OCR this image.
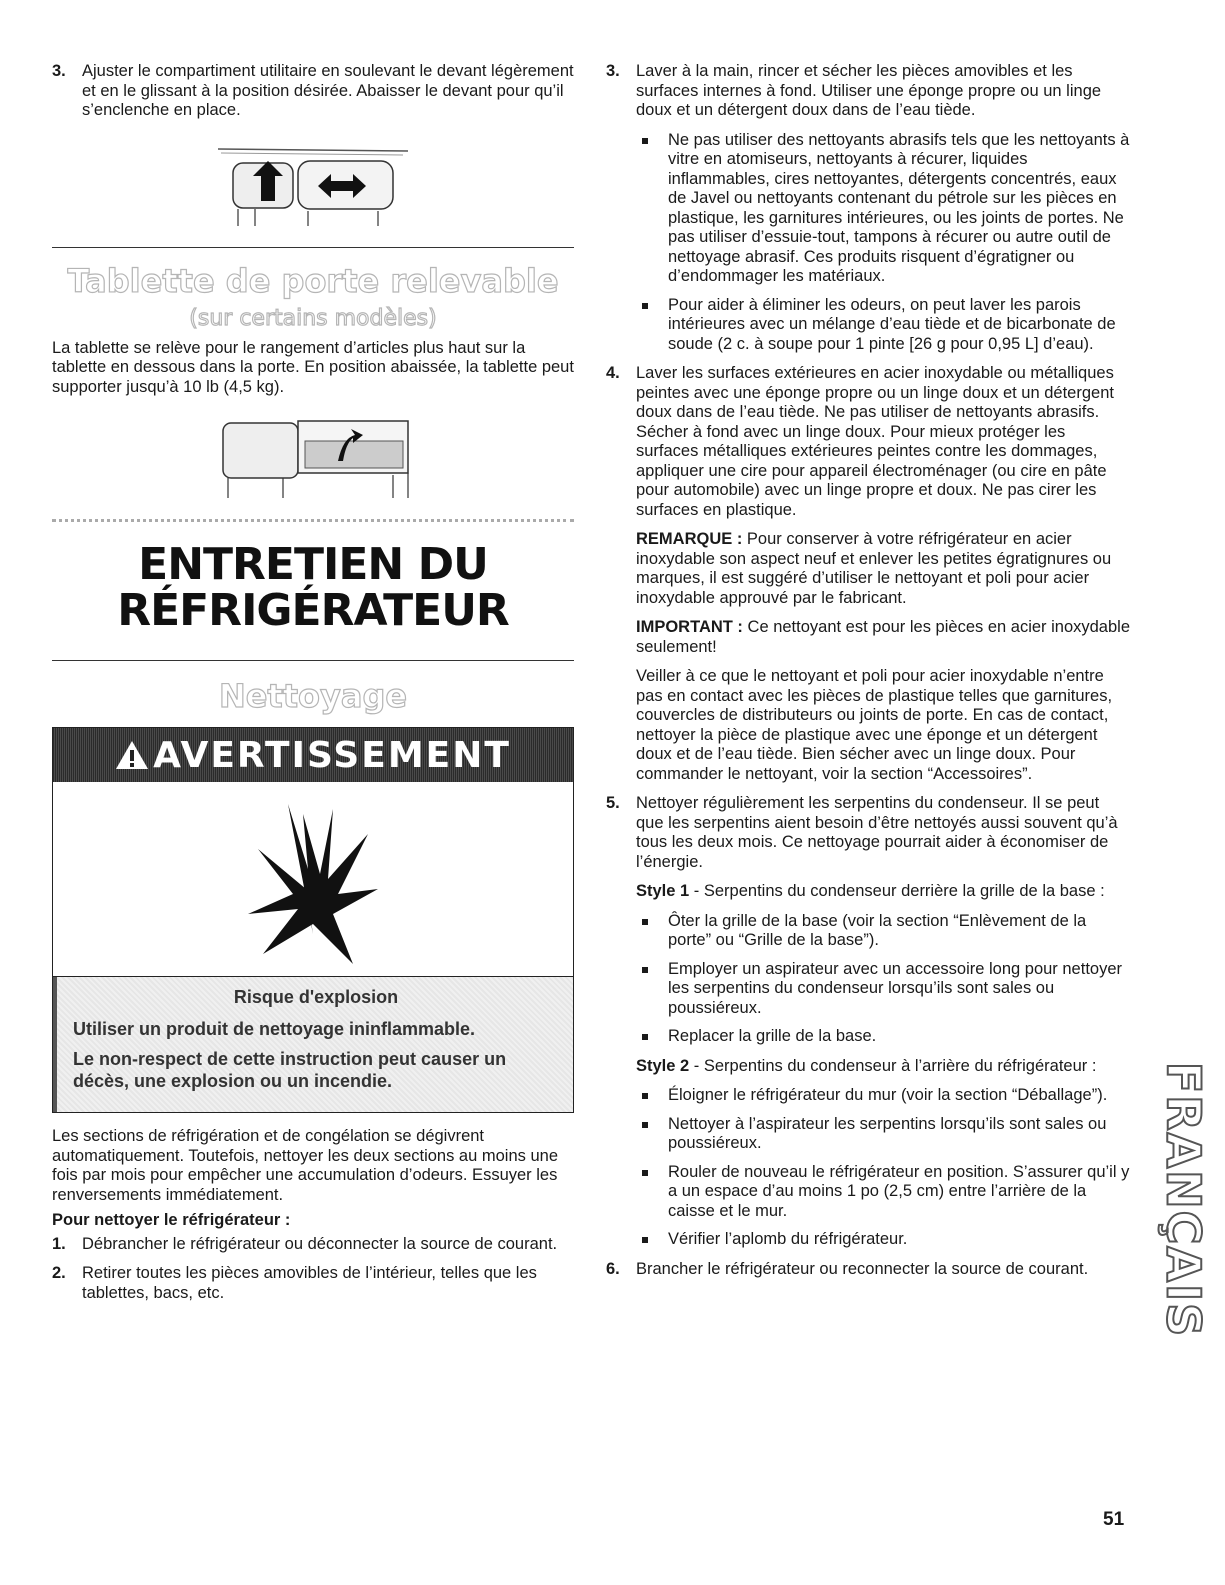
3. Ajuster le compartiment utilitaire en soulevant le devant légèrement et en le glissant à la position désirée. Abaisser le devant pour qu’il s’enclenche en place.

Tablette de porte relevable
(sur certains modèles)

La tablette se relève pour le rangement d’articles plus haut sur la tablette en dessous dans la porte. En position abaissée, la tablette peut supporter jusqu’à 10 lb (4,5 kg).

ENTRETIEN DU
RÉFRIGÉRATEUR
Nettoyage
AVERTISSEMENT
Risque d'explosion
Utiliser un produit de nettoyage ininflammable.
Le non-respect de cette instruction peut causer un décès, une explosion ou un incendie.

Les sections de réfrigération et de congélation se dégivrent automatiquement. Toutefois, nettoyer les deux sections au moins une fois par mois pour empêcher une accumulation d’odeurs. Essuyer les renversements immédiatement.

Pour nettoyer le réfrigérateur :

1. Débrancher le réfrigérateur ou déconnecter la source de courant.

2. Retirer toutes les pièces amovibles de l’intérieur, telles que les tablettes, bacs, etc.

3. Laver à la main, rincer et sécher les pièces amovibles et les surfaces internes à fond. Utiliser une éponge propre ou un linge doux et un détergent doux dans de l’eau tiède.

Ne pas utiliser des nettoyants abrasifs tels que les nettoyants à vitre en atomiseurs, nettoyants à récurer, liquides inflammables, cires nettoyantes, détergents concentrés, eaux de Javel ou nettoyants contenant du pétrole sur les pièces en plastique, les garnitures intérieures, ou les joints de portes. Ne pas utiliser d’essuie-tout, tampons à récurer ou autre outil de nettoyage abrasif. Ces produits risquent d’égratigner ou d’endommager les matériaux.
Pour aider à éliminer les odeurs, on peut laver les parois intérieures avec un mélange d’eau tiède et de bicarbonate de soude (2 c. à soupe pour 1 pinte [26 g pour 0,95 L] d’eau).
4. Laver les surfaces extérieures en acier inoxydable ou métalliques peintes avec une éponge propre ou un linge doux et un détergent doux dans de l’eau tiède. Ne pas utiliser de nettoyants abrasifs. Sécher à fond avec un linge doux. Pour mieux protéger les surfaces métalliques extérieures peintes contre les dommages, appliquer une cire pour appareil électroménager (ou cire en pâte pour automobile) avec un linge propre et doux. Ne pas cirer les surfaces en plastique.

REMARQUE : Pour conserver à votre réfrigérateur en acier inoxydable son aspect neuf et enlever les petites égratignures ou marques, il est suggéré d’utiliser le nettoyant et poli pour acier inoxydable approuvé par le fabricant.

IMPORTANT : Ce nettoyant est pour les pièces en acier inoxydable seulement!

Veiller à ce que le nettoyant et poli pour acier inoxydable n’entre pas en contact avec les pièces de plastique telles que garnitures, couvercles de distributeurs ou joints de porte. En cas de contact, nettoyer la pièce de plastique avec une éponge et un détergent doux et de l’eau tiède. Bien sécher avec un linge doux. Pour commander le nettoyant, voir la section “Accessoires”.

5. Nettoyer régulièrement les serpentins du condenseur. Il se peut que les serpentins aient besoin d’être nettoyés aussi souvent qu’à tous les deux mois. Ce nettoyage pourrait aider à économiser de l’énergie.

Style 1 - Serpentins du condenseur derrière la grille de la base :

Ôter la grille de la base (voir la section “Enlèvement de la porte” ou “Grille de la base”).
Employer un aspirateur avec un accessoire long pour nettoyer les serpentins du condenseur lorsqu’ils sont sales ou poussiéreux.
Replacer la grille de la base.

Style 2 - Serpentins du condenseur à l’arrière du réfrigérateur :

Éloigner le réfrigérateur du mur (voir la section “Déballage”).
Nettoyer à l’aspirateur les serpentins lorsqu’ils sont sales ou poussiéreux.
Rouler de nouveau le réfrigérateur en position. S’assurer qu’il y a un espace d’au moins 1 po (2,5 cm) entre l’arrière de la caisse et le mur.
Vérifier l’aplomb du réfrigérateur.
6. Brancher le réfrigérateur ou reconnecter la source de courant.	FRANÇAIS
51
